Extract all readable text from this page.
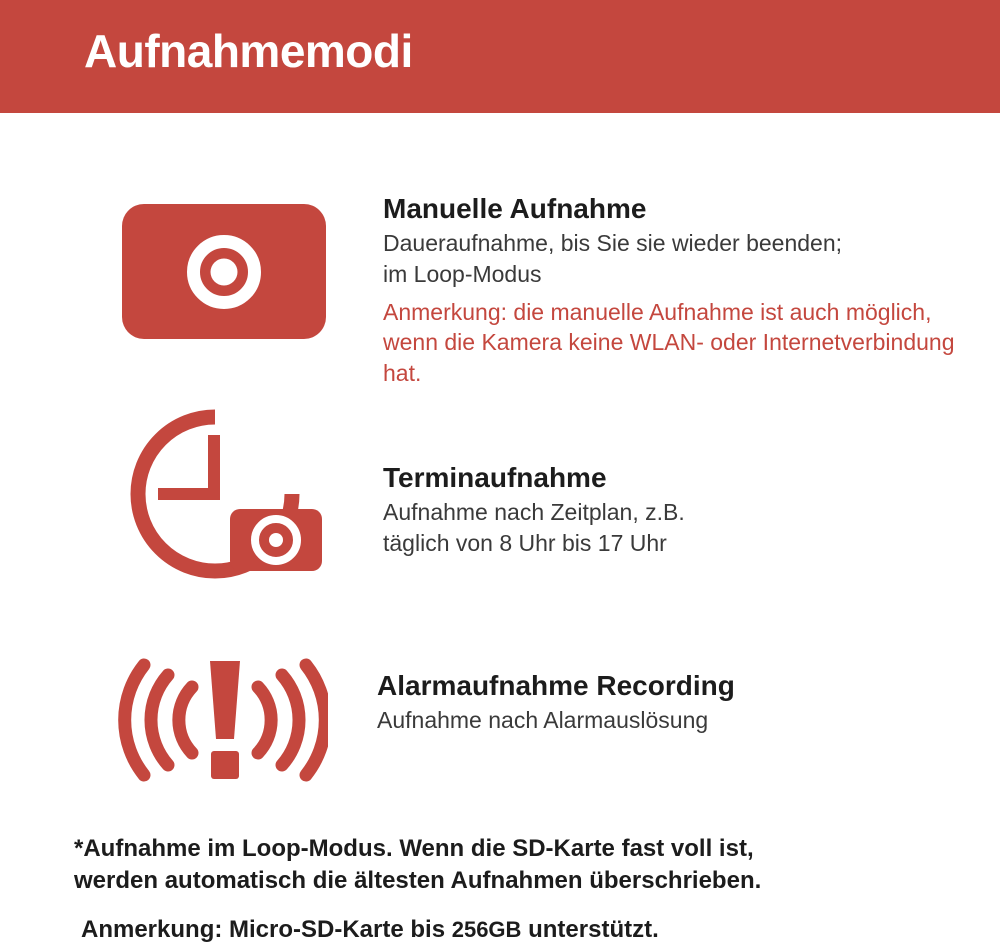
Aufnahmemodi

Manuelle Aufnahme

Daueraufnahme, bis Sie sie wieder beenden;

im Loop-Modus

Anmerkung: die manuelle Aufnahme ist auch möglich, wenn die Kamera keine WLAN- oder Internetverbindung hat.

Terminaufnahme

Aufnahme nach Zeitplan, z.B.

täglich von 8 Uhr bis 17 Uhr

Alarmaufnahme Recording

Aufnahme nach Alarmauslösung

*Aufnahme im Loop-Modus. Wenn die SD-Karte fast voll ist,

werden automatisch die ältesten Aufnahmen überschrieben.

Anmerkung: Micro-SD-Karte bis 256GB unterstützt.
